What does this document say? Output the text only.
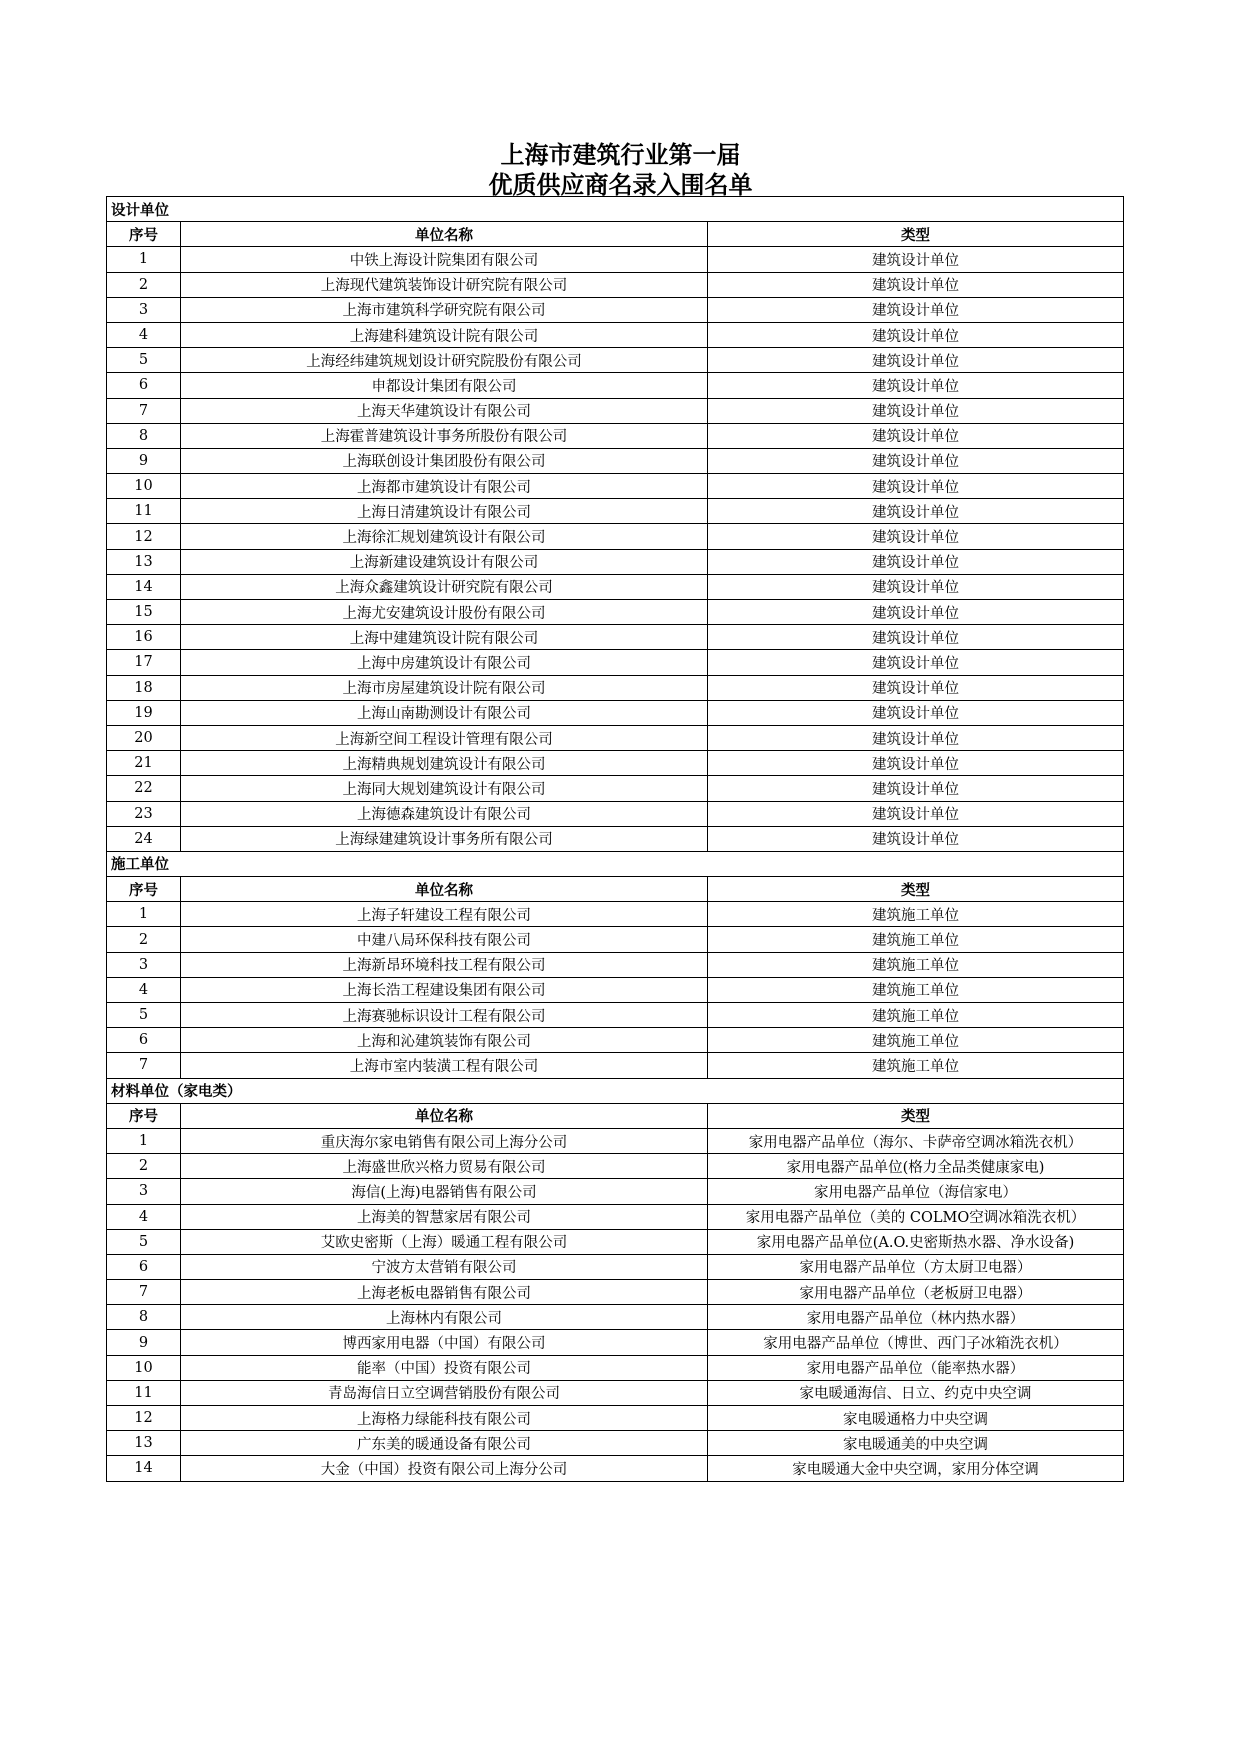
上海市建筑行业第一届
优质供应商名录入围名单
设计单位		
序号	单位名称	类型
1	中铁上海设计院集团有限公司	建筑设计单位
2	上海现代建筑装饰设计研究院有限公司	建筑设计单位
3	上海市建筑科学研究院有限公司	建筑设计单位
4	上海建科建筑设计院有限公司	建筑设计单位
5	上海经纬建筑规划设计研究院股份有限公司	建筑设计单位
6	申都设计集团有限公司	建筑设计单位
7	上海天华建筑设计有限公司	建筑设计单位
8	上海霍普建筑设计事务所股份有限公司	建筑设计单位
9	上海联创设计集团股份有限公司	建筑设计单位
10	上海都市建筑设计有限公司	建筑设计单位
11	上海日清建筑设计有限公司	建筑设计单位
12	上海徐汇规划建筑设计有限公司	建筑设计单位
13	上海新建设建筑设计有限公司	建筑设计单位
14	上海众鑫建筑设计研究院有限公司	建筑设计单位
15	上海尤安建筑设计股份有限公司	建筑设计单位
16	上海中建建筑设计院有限公司	建筑设计单位
17	上海中房建筑设计有限公司	建筑设计单位
18	上海市房屋建筑设计院有限公司	建筑设计单位
19	上海山南勘测设计有限公司	建筑设计单位
20	上海新空间工程设计管理有限公司	建筑设计单位
21	上海精典规划建筑设计有限公司	建筑设计单位
22	上海同大规划建筑设计有限公司	建筑设计单位
23	上海德森建筑设计有限公司	建筑设计单位
24	上海绿建建筑设计事务所有限公司	建筑设计单位
施工单位		
序号	单位名称	类型
1	上海子轩建设工程有限公司	建筑施工单位
2	中建八局环保科技有限公司	建筑施工单位
3	上海新昂环境科技工程有限公司	建筑施工单位
4	上海长浩工程建设集团有限公司	建筑施工单位
5	上海赛驰标识设计工程有限公司	建筑施工单位
6	上海和沁建筑装饰有限公司	建筑施工单位
7	上海市室内装潢工程有限公司	建筑施工单位
材料单位（家电类）		
序号	单位名称	类型
1	重庆海尔家电销售有限公司上海分公司	家用电器产品单位（海尔、卡萨帝空调冰箱洗衣机）
2	上海盛世欣兴格力贸易有限公司	家用电器产品单位(格力全品类健康家电)
3	海信(上海)电器销售有限公司	家用电器产品单位（海信家电）
4	上海美的智慧家居有限公司	家用电器产品单位（美的 COLMO空调冰箱洗衣机）
5	艾欧史密斯（上海）暖通工程有限公司	家用电器产品单位(A.O.史密斯热水器、净水设备)
6	宁波方太营销有限公司	家用电器产品单位（方太厨卫电器）
7	上海老板电器销售有限公司	家用电器产品单位（老板厨卫电器）
8	上海林内有限公司	家用电器产品单位（林内热水器）
9	博西家用电器（中国）有限公司	家用电器产品单位（博世、西门子冰箱洗衣机）
10	能率（中国）投资有限公司	家用电器产品单位（能率热水器）
11	青岛海信日立空调营销股份有限公司	家电暖通海信、日立、约克中央空调
12	上海格力绿能科技有限公司	家电暖通格力中央空调
13	广东美的暖通设备有限公司	家电暖通美的中央空调
14	大金（中国）投资有限公司上海分公司	家电暖通大金中央空调，家用分体空调
